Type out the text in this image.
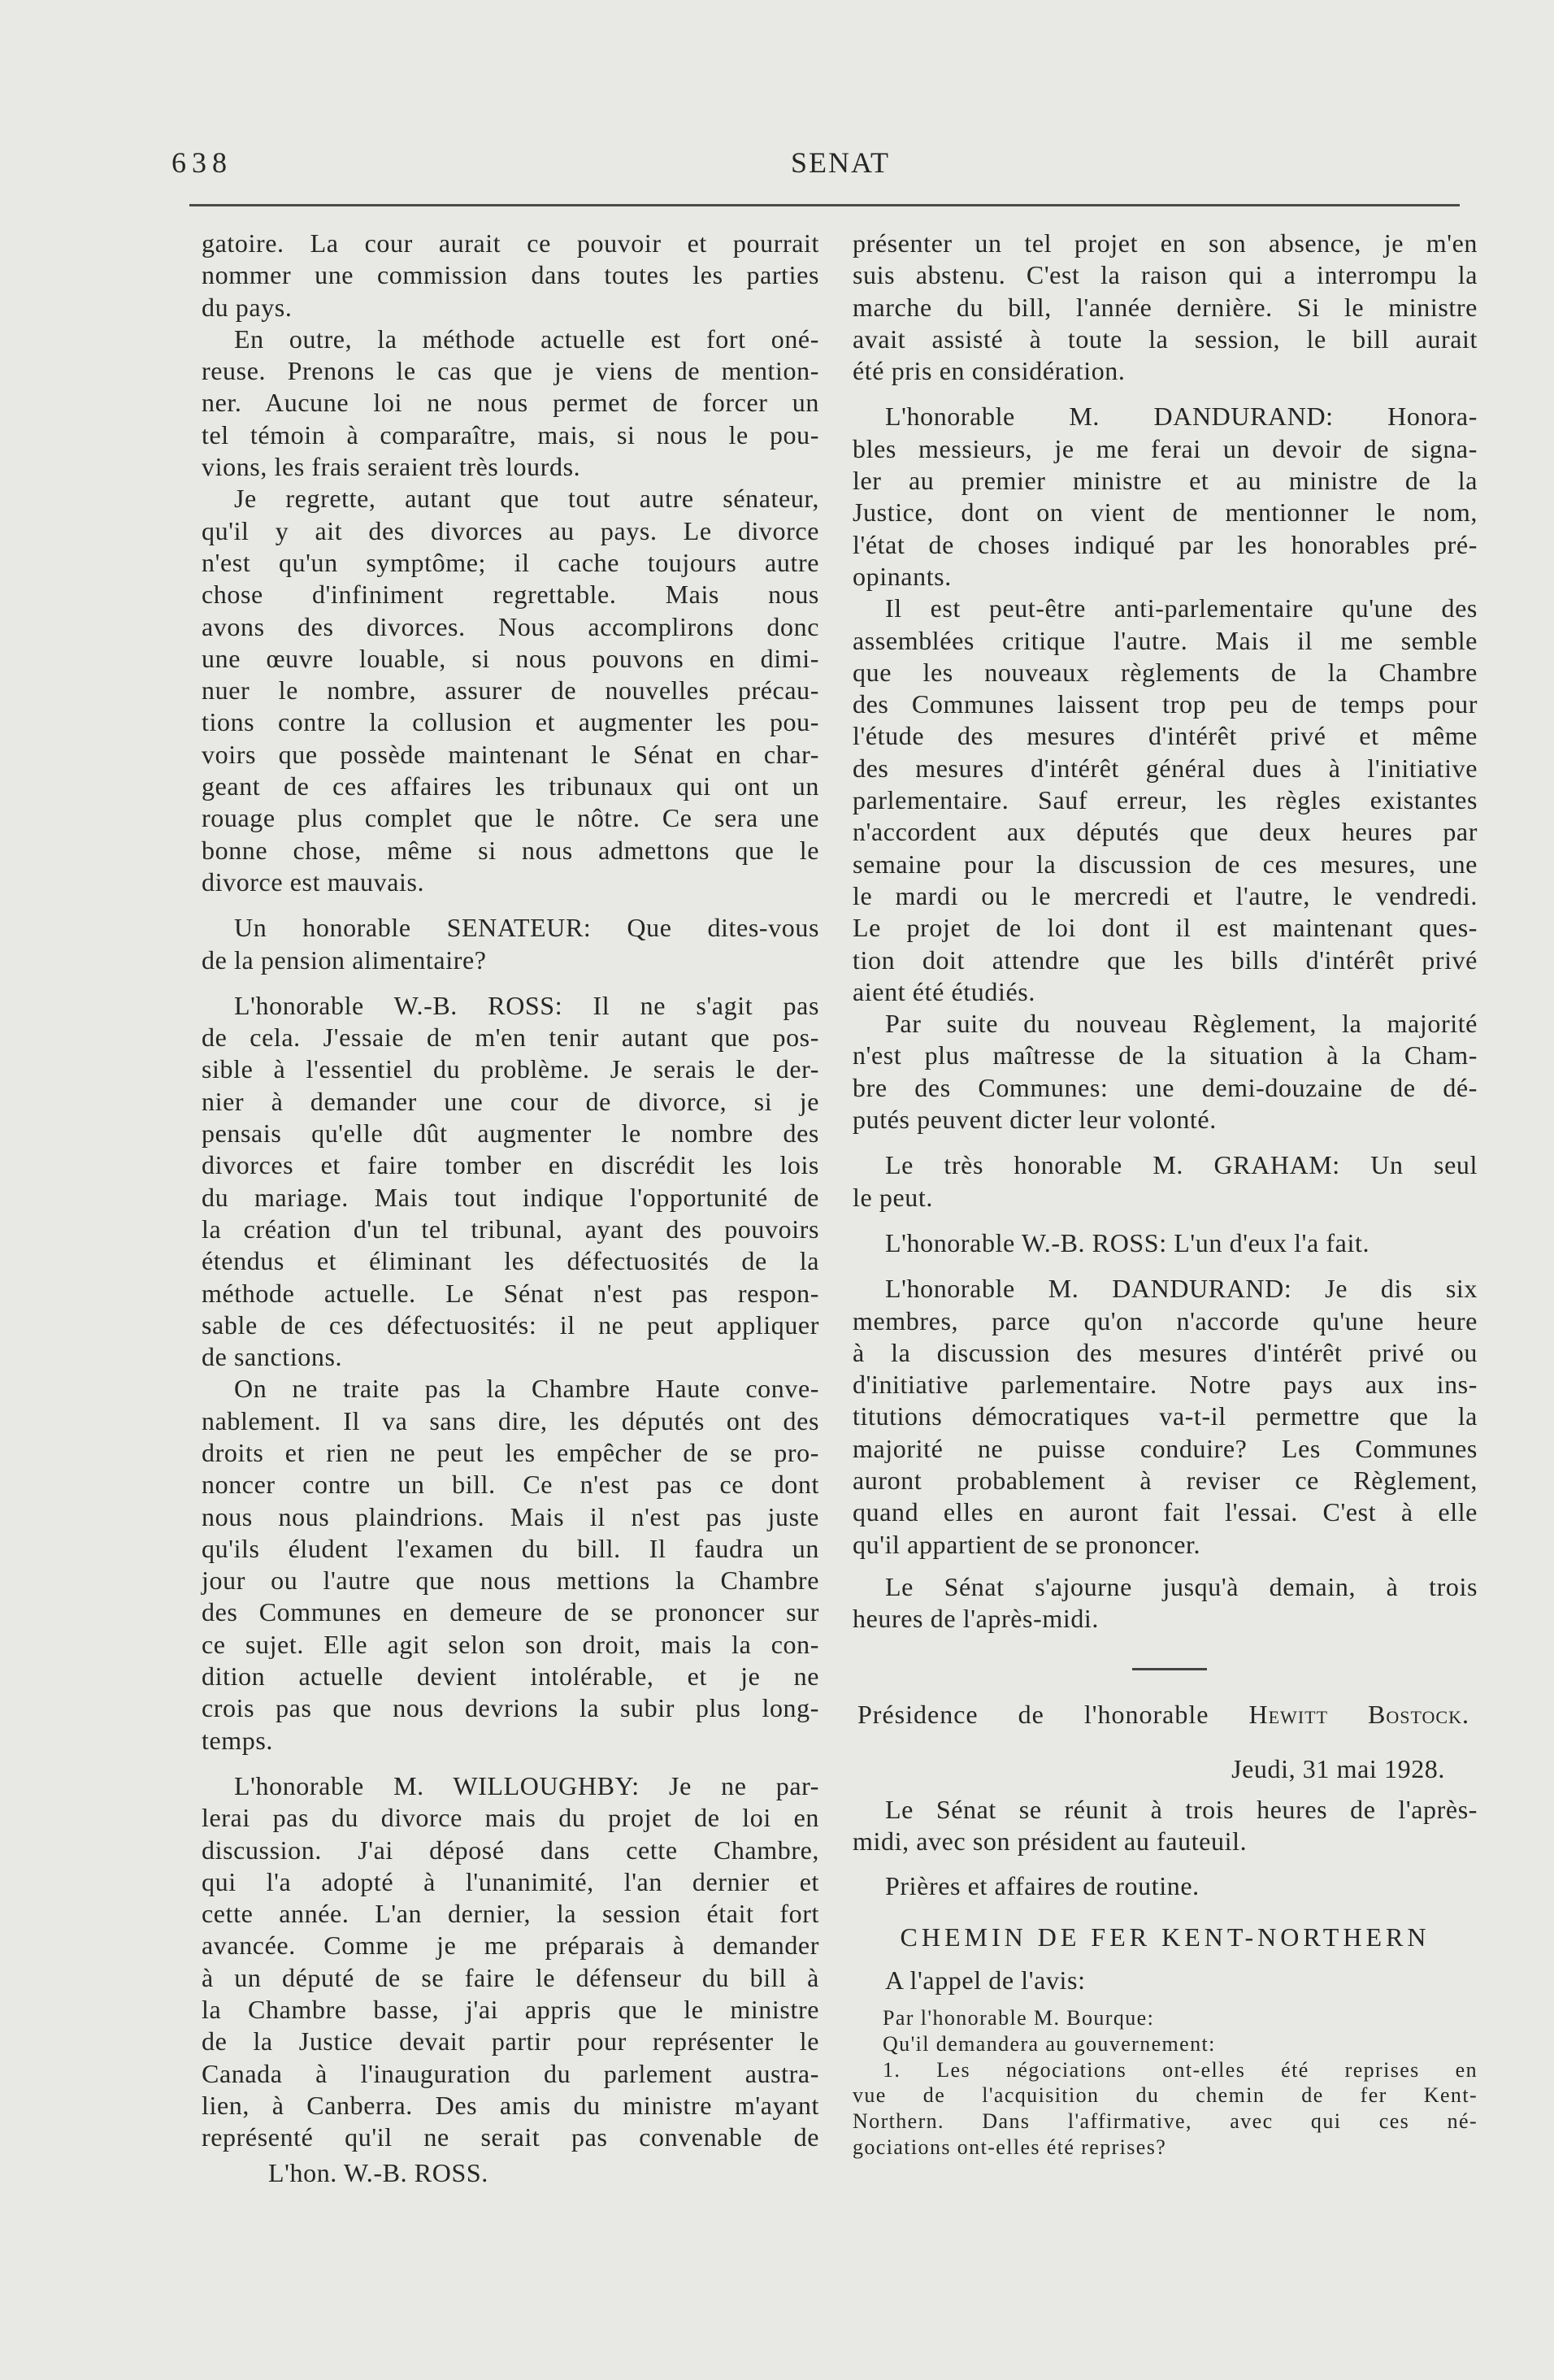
638	SENAT
gatoire. La cour aurait ce pouvoir et pourrait
nommer une commission dans toutes les parties
du pays.
En outre, la méthode actuelle est fort oné-
reuse. Prenons le cas que je viens de mention-
ner. Aucune loi ne nous permet de forcer un
tel témoin à comparaître, mais, si nous le pou-
vions, les frais seraient très lourds.
Je regrette, autant que tout autre sénateur,
qu'il y ait des divorces au pays. Le divorce
n'est qu'un symptôme; il cache toujours autre
chose d'infiniment regrettable. Mais nous
avons des divorces. Nous accomplirons donc
une œuvre louable, si nous pouvons en dimi-
nuer le nombre, assurer de nouvelles précau-
tions contre la collusion et augmenter les pou-
voirs que possède maintenant le Sénat en char-
geant de ces affaires les tribunaux qui ont un
rouage plus complet que le nôtre. Ce sera une
bonne chose, même si nous admettons que le
divorce est mauvais.
Un honorable SENATEUR: Que dites-vous
de la pension alimentaire?
L'honorable W.-B. ROSS: Il ne s'agit pas
de cela. J'essaie de m'en tenir autant que pos-
sible à l'essentiel du problème. Je serais le der-
nier à demander une cour de divorce, si je
pensais qu'elle dût augmenter le nombre des
divorces et faire tomber en discrédit les lois
du mariage. Mais tout indique l'opportunité de
la création d'un tel tribunal, ayant des pouvoirs
étendus et éliminant les défectuosités de la
méthode actuelle. Le Sénat n'est pas respon-
sable de ces défectuosités: il ne peut appliquer
de sanctions.
On ne traite pas la Chambre Haute conve-
nablement. Il va sans dire, les députés ont des
droits et rien ne peut les empêcher de se pro-
noncer contre un bill. Ce n'est pas ce dont
nous nous plaindrions. Mais il n'est pas juste
qu'ils éludent l'examen du bill. Il faudra un
jour ou l'autre que nous mettions la Chambre
des Communes en demeure de se prononcer sur
ce sujet. Elle agit selon son droit, mais la con-
dition actuelle devient intolérable, et je ne
crois pas que nous devrions la subir plus long-
temps.
L'honorable M. WILLOUGHBY: Je ne par-
lerai pas du divorce mais du projet de loi en
discussion. J'ai déposé dans cette Chambre,
qui l'a adopté à l'unanimité, l'an dernier et
cette année. L'an dernier, la session était fort
avancée. Comme je me préparais à demander
à un député de se faire le défenseur du bill à
la Chambre basse, j'ai appris que le ministre
de la Justice devait partir pour représenter le
Canada à l'inauguration du parlement austra-
lien, à Canberra. Des amis du ministre m'ayant
représenté qu'il ne serait pas convenable de
L'hon. W.-B. ROSS.
présenter un tel projet en son absence, je m'en
suis abstenu. C'est la raison qui a interrompu la
marche du bill, l'année dernière. Si le ministre
avait assisté à toute la session, le bill aurait
été pris en considération.
L'honorable M. DANDURAND: Honora-
bles messieurs, je me ferai un devoir de signa-
ler au premier ministre et au ministre de la
Justice, dont on vient de mentionner le nom,
l'état de choses indiqué par les honorables pré-
opinants.
Il est peut-être anti-parlementaire qu'une des
assemblées critique l'autre. Mais il me semble
que les nouveaux règlements de la Chambre
des Communes laissent trop peu de temps pour
l'étude des mesures d'intérêt privé et même
des mesures d'intérêt général dues à l'initiative
parlementaire. Sauf erreur, les règles existantes
n'accordent aux députés que deux heures par
semaine pour la discussion de ces mesures, une
le mardi ou le mercredi et l'autre, le vendredi.
Le projet de loi dont il est maintenant ques-
tion doit attendre que les bills d'intérêt privé
aient été étudiés.
Par suite du nouveau Règlement, la majorité
n'est plus maîtresse de la situation à la Cham-
bre des Communes: une demi-douzaine de dé-
putés peuvent dicter leur volonté.
Le très honorable M. GRAHAM: Un seul
le peut.
L'honorable W.-B. ROSS: L'un d'eux l'a fait.
L'honorable M. DANDURAND: Je dis six
membres, parce qu'on n'accorde qu'une heure
à la discussion des mesures d'intérêt privé ou
d'initiative parlementaire. Notre pays aux ins-
titutions démocratiques va-t-il permettre que la
majorité ne puisse conduire? Les Communes
auront probablement à reviser ce Règlement,
quand elles en auront fait l'essai. C'est à elle
qu'il appartient de se prononcer.
Le Sénat s'ajourne jusqu'à demain, à trois
heures de l'après-midi.
Présidence de l'honorable Hewitt Bostock.
Jeudi, 31 mai 1928.
Le Sénat se réunit à trois heures de l'après-
midi, avec son président au fauteuil.
Prières et affaires de routine.
CHEMIN DE FER KENT-NORTHERN
A l'appel de l'avis:
Par l'honorable M. Bourque:
Qu'il demandera au gouvernement:
1. Les négociations ont-elles été reprises en
vue de l'acquisition du chemin de fer Kent-
Northern. Dans l'affirmative, avec qui ces né-
gociations ont-elles été reprises?
